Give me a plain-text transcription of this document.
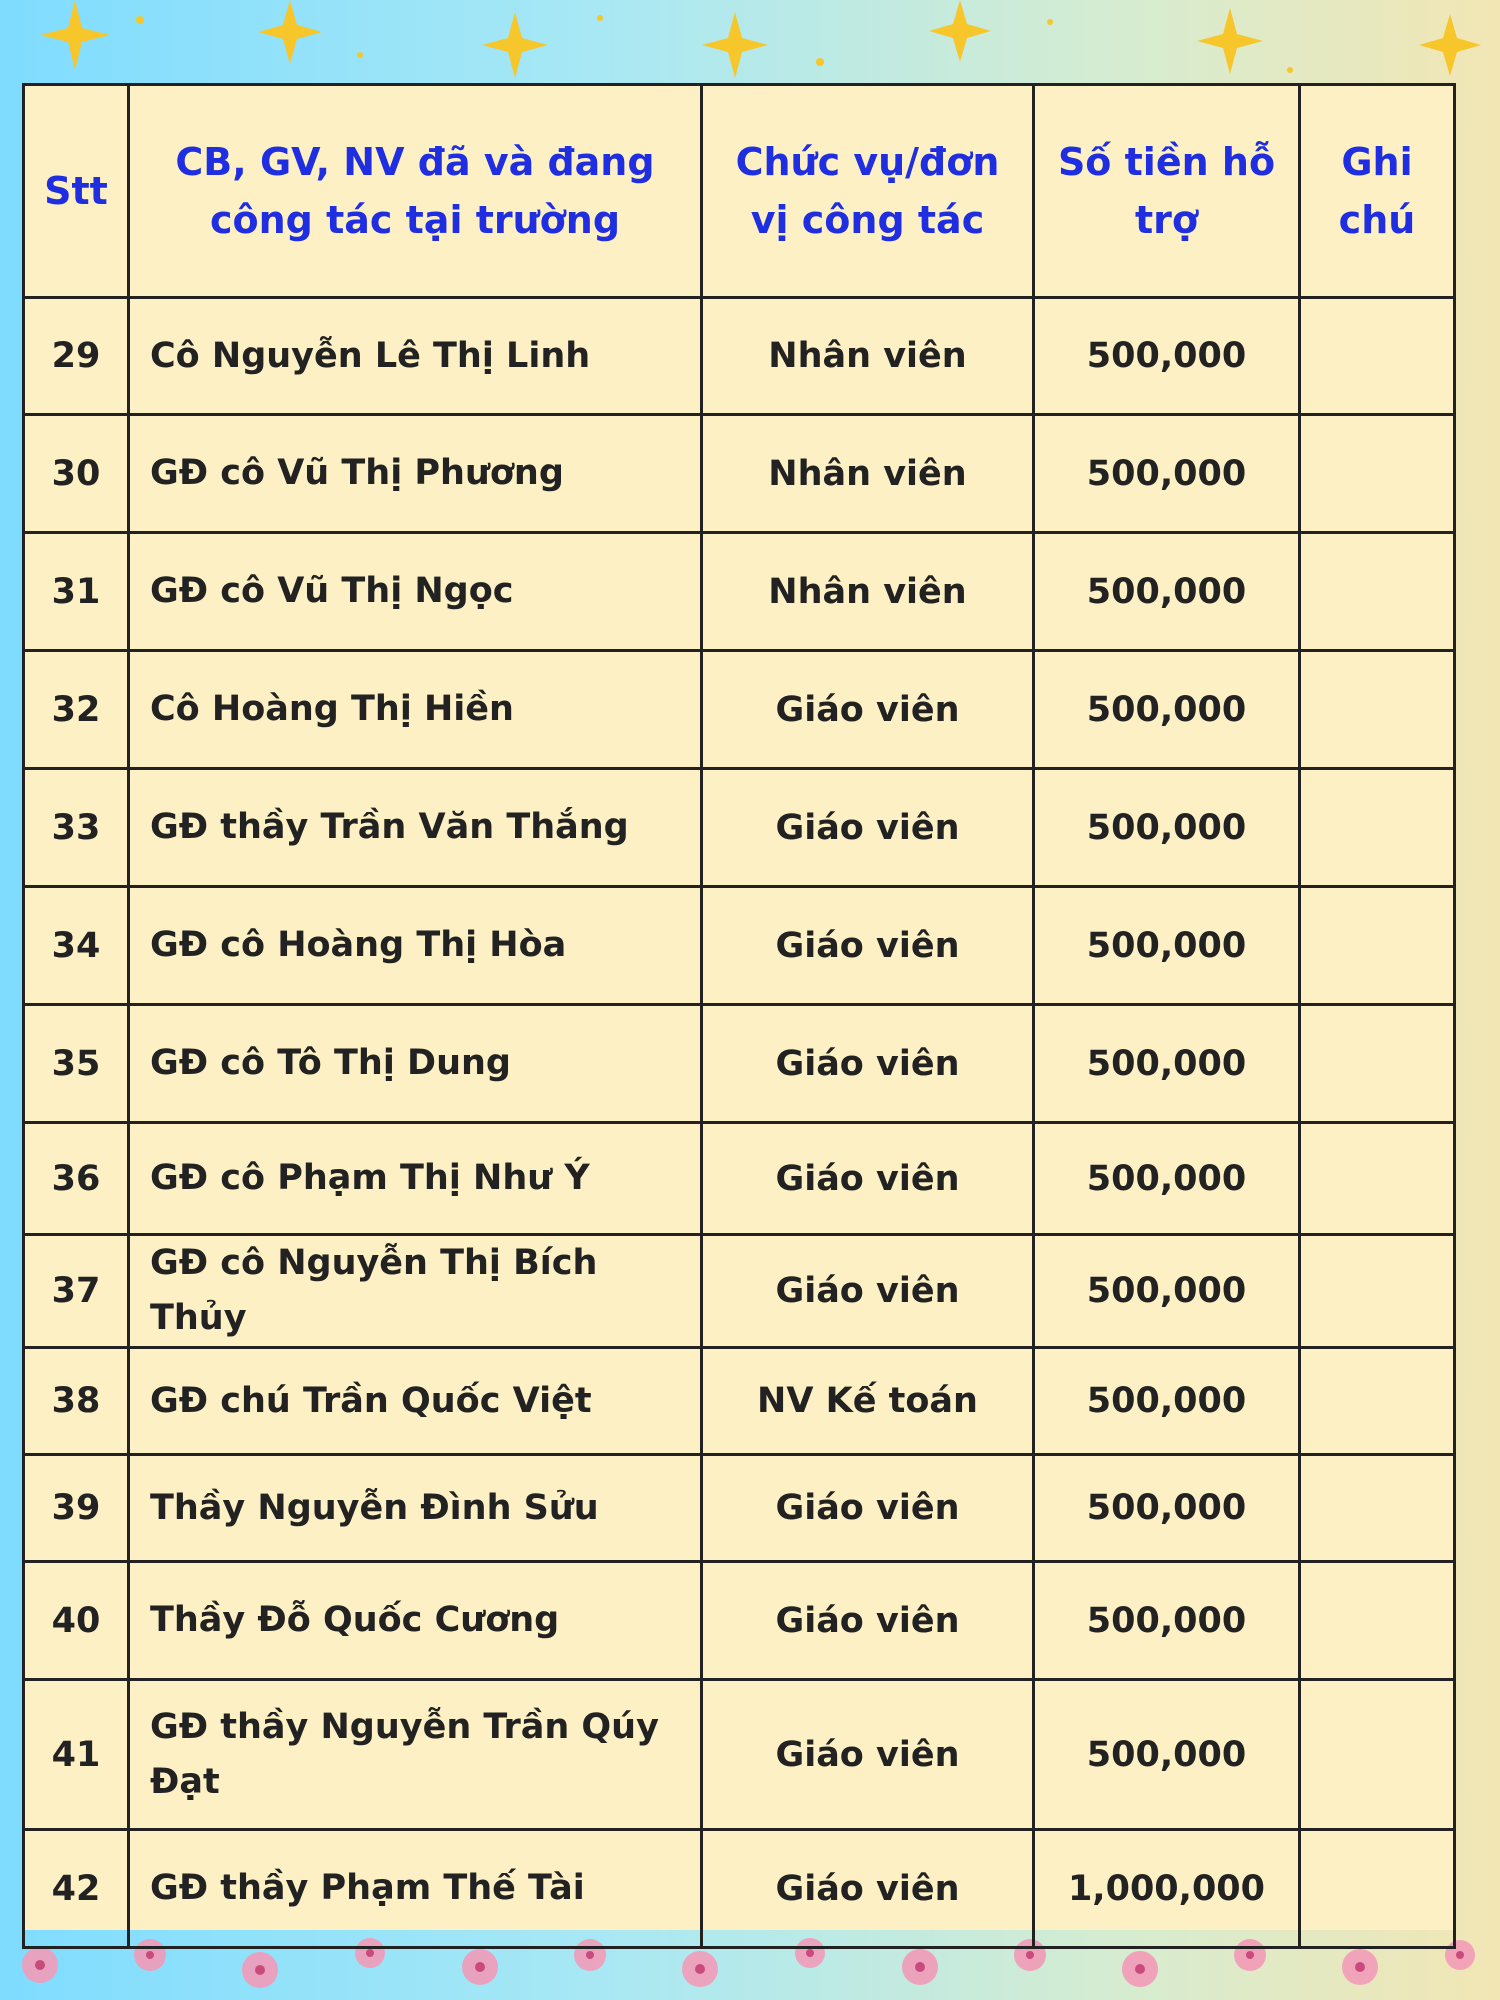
Stt	CB, GV, NV đã và đang công tác tại trường	Chức vụ/đơn vị công tác	Số tiền hỗ trợ	Ghi chú
29	Cô Nguyễn Lê Thị Linh	Nhân viên	500,000	
30	GĐ cô Vũ Thị Phương	Nhân viên	500,000	
31	GĐ cô Vũ Thị Ngọc	Nhân viên	500,000	
32	Cô Hoàng Thị Hiền	Giáo viên	500,000	
33	GĐ thầy Trần Văn Thắng	Giáo viên	500,000	
34	GĐ cô Hoàng Thị Hòa	Giáo viên	500,000	
35	GĐ cô Tô Thị Dung	Giáo viên	500,000	
36	GĐ cô Phạm Thị Như Ý	Giáo viên	500,000	
37	GĐ cô Nguyễn Thị Bích Thủy	Giáo viên	500,000	
38	GĐ chú Trần Quốc Việt	NV Kế toán	500,000	
39	Thầy Nguyễn Đình Sửu	Giáo viên	500,000	
40	Thầy Đỗ Quốc Cương	Giáo viên	500,000	
41	GĐ thầy Nguyễn Trần Qúy Đạt	Giáo viên	500,000	
42	GĐ thầy Phạm Thế Tài	Giáo viên	1,000,000	
